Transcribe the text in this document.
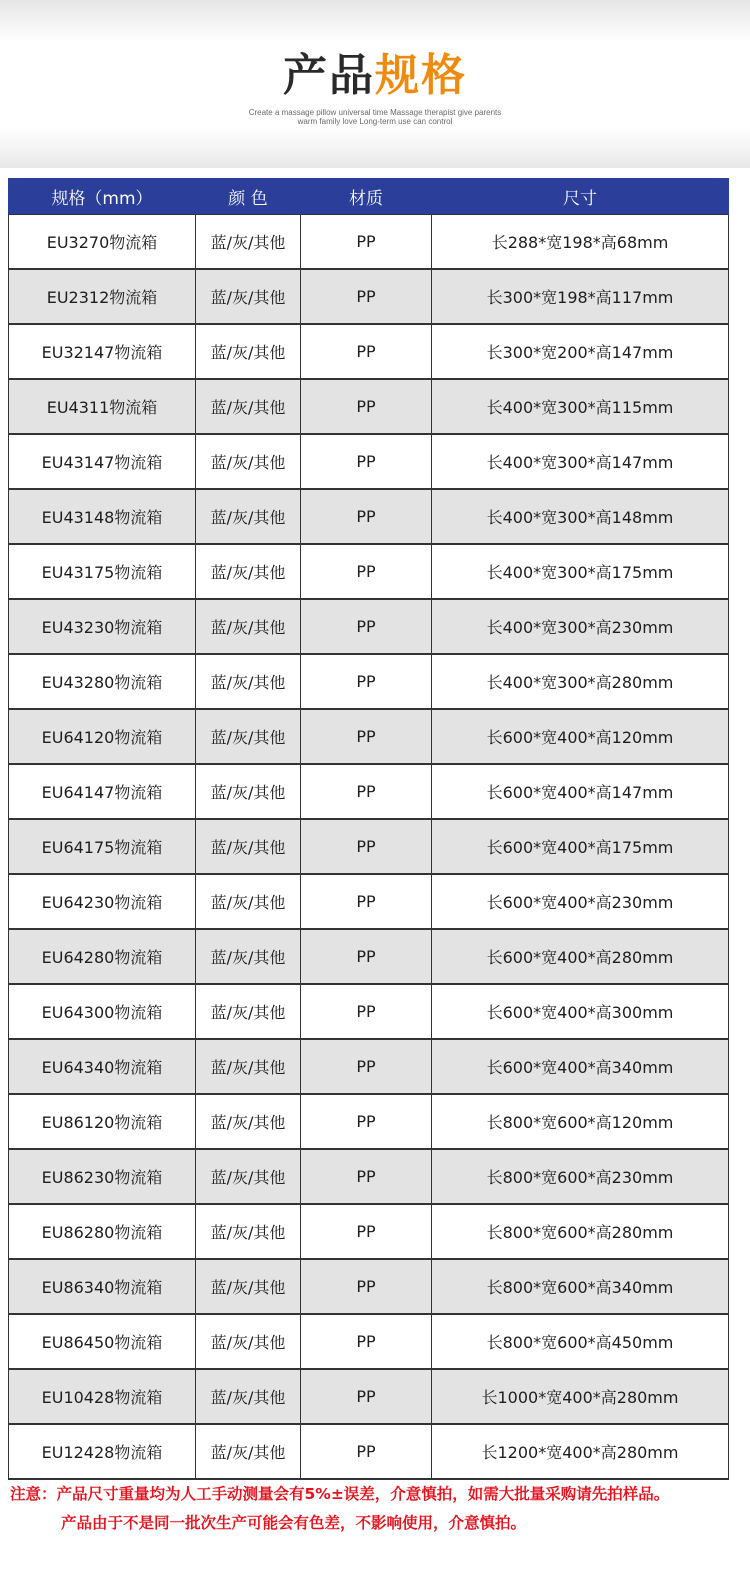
产品规格
Create a massage pillow universal time Massage therapist give parents
warm family love Long-term use can control
规格（mm）	颜 色	材质	尺寸
EU3270物流箱	蓝/灰/其他	PP	长288*宽198*高68mm
EU2312物流箱	蓝/灰/其他	PP	长300*宽198*高117mm
EU32147物流箱	蓝/灰/其他	PP	长300*宽200*高147mm
EU4311物流箱	蓝/灰/其他	PP	长400*宽300*高115mm
EU43147物流箱	蓝/灰/其他	PP	长400*宽300*高147mm
EU43148物流箱	蓝/灰/其他	PP	长400*宽300*高148mm
EU43175物流箱	蓝/灰/其他	PP	长400*宽300*高175mm
EU43230物流箱	蓝/灰/其他	PP	长400*宽300*高230mm
EU43280物流箱	蓝/灰/其他	PP	长400*宽300*高280mm
EU64120物流箱	蓝/灰/其他	PP	长600*宽400*高120mm
EU64147物流箱	蓝/灰/其他	PP	长600*宽400*高147mm
EU64175物流箱	蓝/灰/其他	PP	长600*宽400*高175mm
EU64230物流箱	蓝/灰/其他	PP	长600*宽400*高230mm
EU64280物流箱	蓝/灰/其他	PP	长600*宽400*高280mm
EU64300物流箱	蓝/灰/其他	PP	长600*宽400*高300mm
EU64340物流箱	蓝/灰/其他	PP	长600*宽400*高340mm
EU86120物流箱	蓝/灰/其他	PP	长800*宽600*高120mm
EU86230物流箱	蓝/灰/其他	PP	长800*宽600*高230mm
EU86280物流箱	蓝/灰/其他	PP	长800*宽600*高280mm
EU86340物流箱	蓝/灰/其他	PP	长800*宽600*高340mm
EU86450物流箱	蓝/灰/其他	PP	长800*宽600*高450mm
EU10428物流箱	蓝/灰/其他	PP	长1000*宽400*高280mm
EU12428物流箱	蓝/灰/其他	PP	长1200*宽400*高280mm
注意：产品尺寸重量均为人工手动测量会有5%±误差，介意慎拍，如需大批量采购请先拍样品。
产品由于不是同一批次生产可能会有色差，不影响使用，介意慎拍。
